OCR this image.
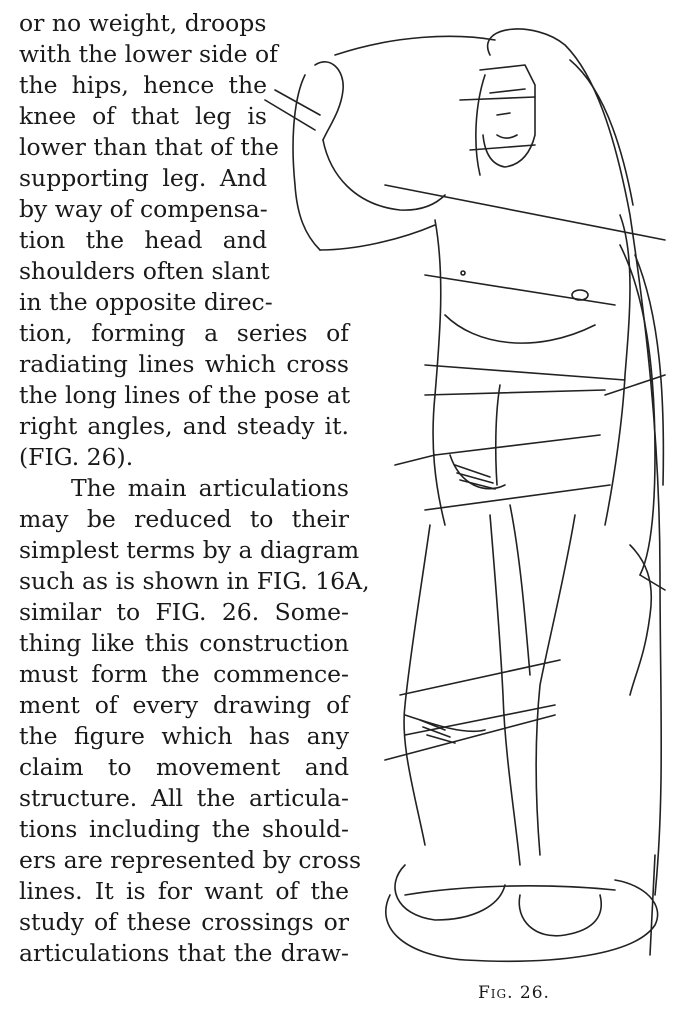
or no weight, droops
with the lower side of
the hips, hence the
knee of that leg is
lower than that of the
supporting leg. And
by way of compensa-
tion the head and
shoulders often slant
in the opposite direc-
tion, forming a series of
radiating lines which cross
the long lines of the pose at
right angles, and steady it.
(FIG. 26).
The main articulations
may be reduced to their
simplest terms by a diagram
such as is shown in FIG. 16A,
similar to FIG. 26. Some-
thing like this construction
must form the commence-
ment of every drawing of
the figure which has any
claim to movement and
structure. All the articula-
tions including the should-
ers are represented by cross
lines. It is for want of the
study of these crossings or
articulations that the draw-
Fig. 26.
